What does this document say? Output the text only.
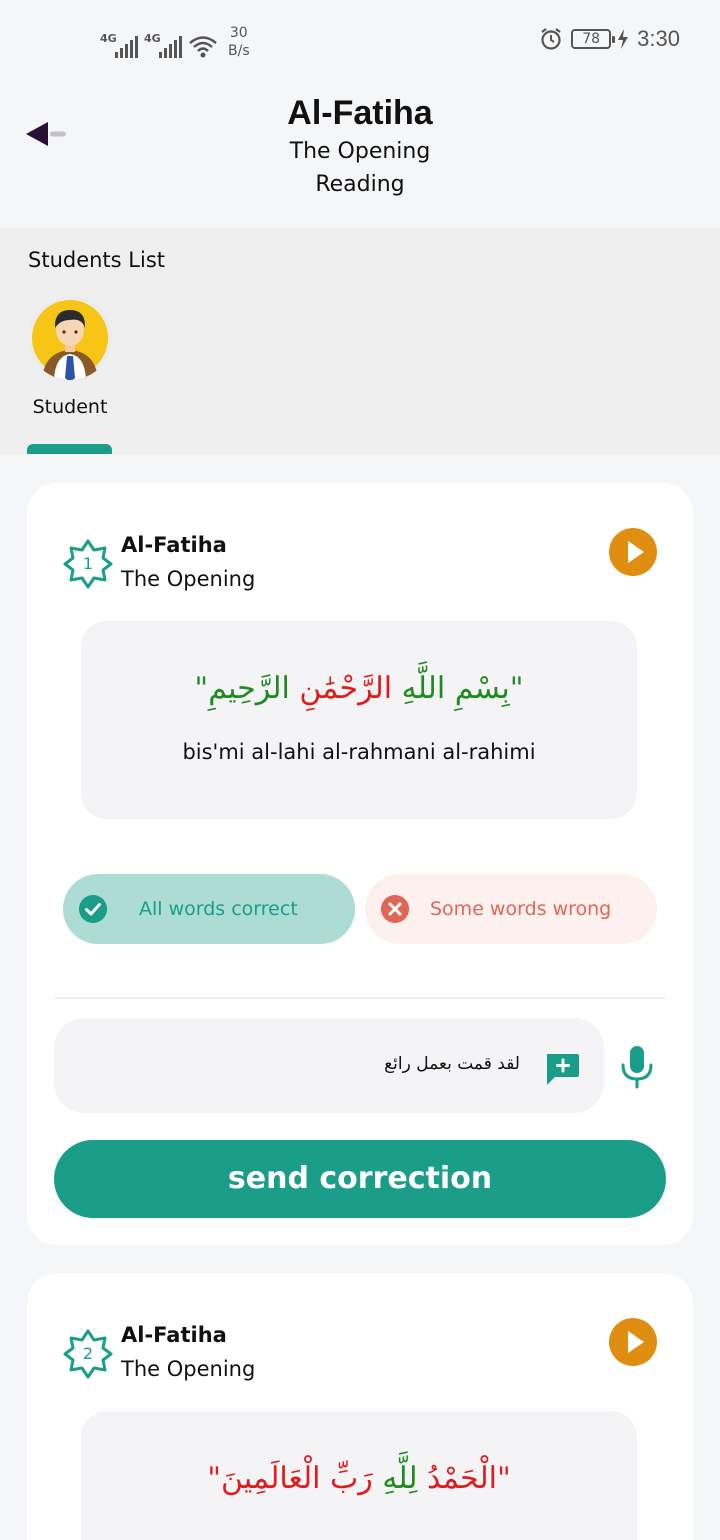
4G 4G	30
B/s
78	3:30
Al-Fatiha
The Opening
Reading
Students List
Student
1
Al-Fatiha
The Opening
"بِسْمِ اللَّهِ الرَّحْمَٰنِ الرَّحِيمِ"
bis'mi al-lahi al-rahmani al-rahimi
All words correct	Some words wrong
لقد قمت بعمل رائع
send correction
2
Al-Fatiha
The Opening
"الْحَمْدُ لِلَّهِ رَبِّ الْعَالَمِينَ"
